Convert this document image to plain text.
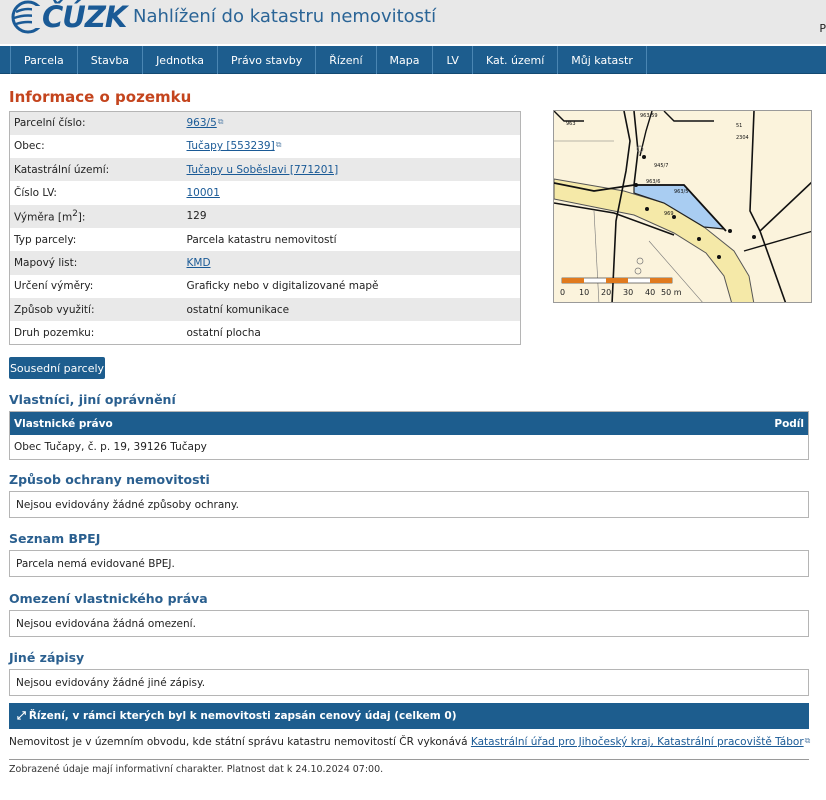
ČÚZK Nahlížení do katastru nemovitostí
P
Parcela	Stavba	Jednotka	Právo stavby	Řízení	Mapa	LV	Kat. území	Můj katastr
Informace o pozemku
Parcelní číslo:	963/5⧉
Obec:	Tučapy [553239]⧉
Katastrální území:	Tučapy u Soběslavi [771201]
Číslo LV:	10001
Výměra $[m^2]$:	129
Typ parcely:	Parcela katastru nemovitostí
Mapový list:	KMD
Určení výměry:	Graficky nebo v digitalizované mapě
Způsob využití:	ostatní komunikace
Druh pozemku:	ostatní plocha
963	51
2304
963/59
945/7
963/6
963/5
969
0 10 20 30 40 50 m
Sousední parcely
Vlastníci, jiní oprávnění
Vlastnické právo	Podíl
Obec Tučapy, č. p. 19, 39126 Tučapy
Způsob ochrany nemovitosti
Nejsou evidovány žádné způsoby ochrany.
Seznam BPEJ
Parcela nemá evidované BPEJ.
Omezení vlastnického práva
Nejsou evidována žádná omezení.
Jiné zápisy
Nejsou evidovány žádné jiné zápisy.
⤢ Řízení, v rámci kterých byl k nemovitosti zapsán cenový údaj (celkem 0)
Nemovitost je v územním obvodu, kde státní správu katastru nemovitostí ČR vykonává Katastrální úřad pro Jihočeský kraj, Katastrální pracoviště Tábor⧉
Zobrazené údaje mají informativní charakter. Platnost dat k 24.10.2024 07:00.
